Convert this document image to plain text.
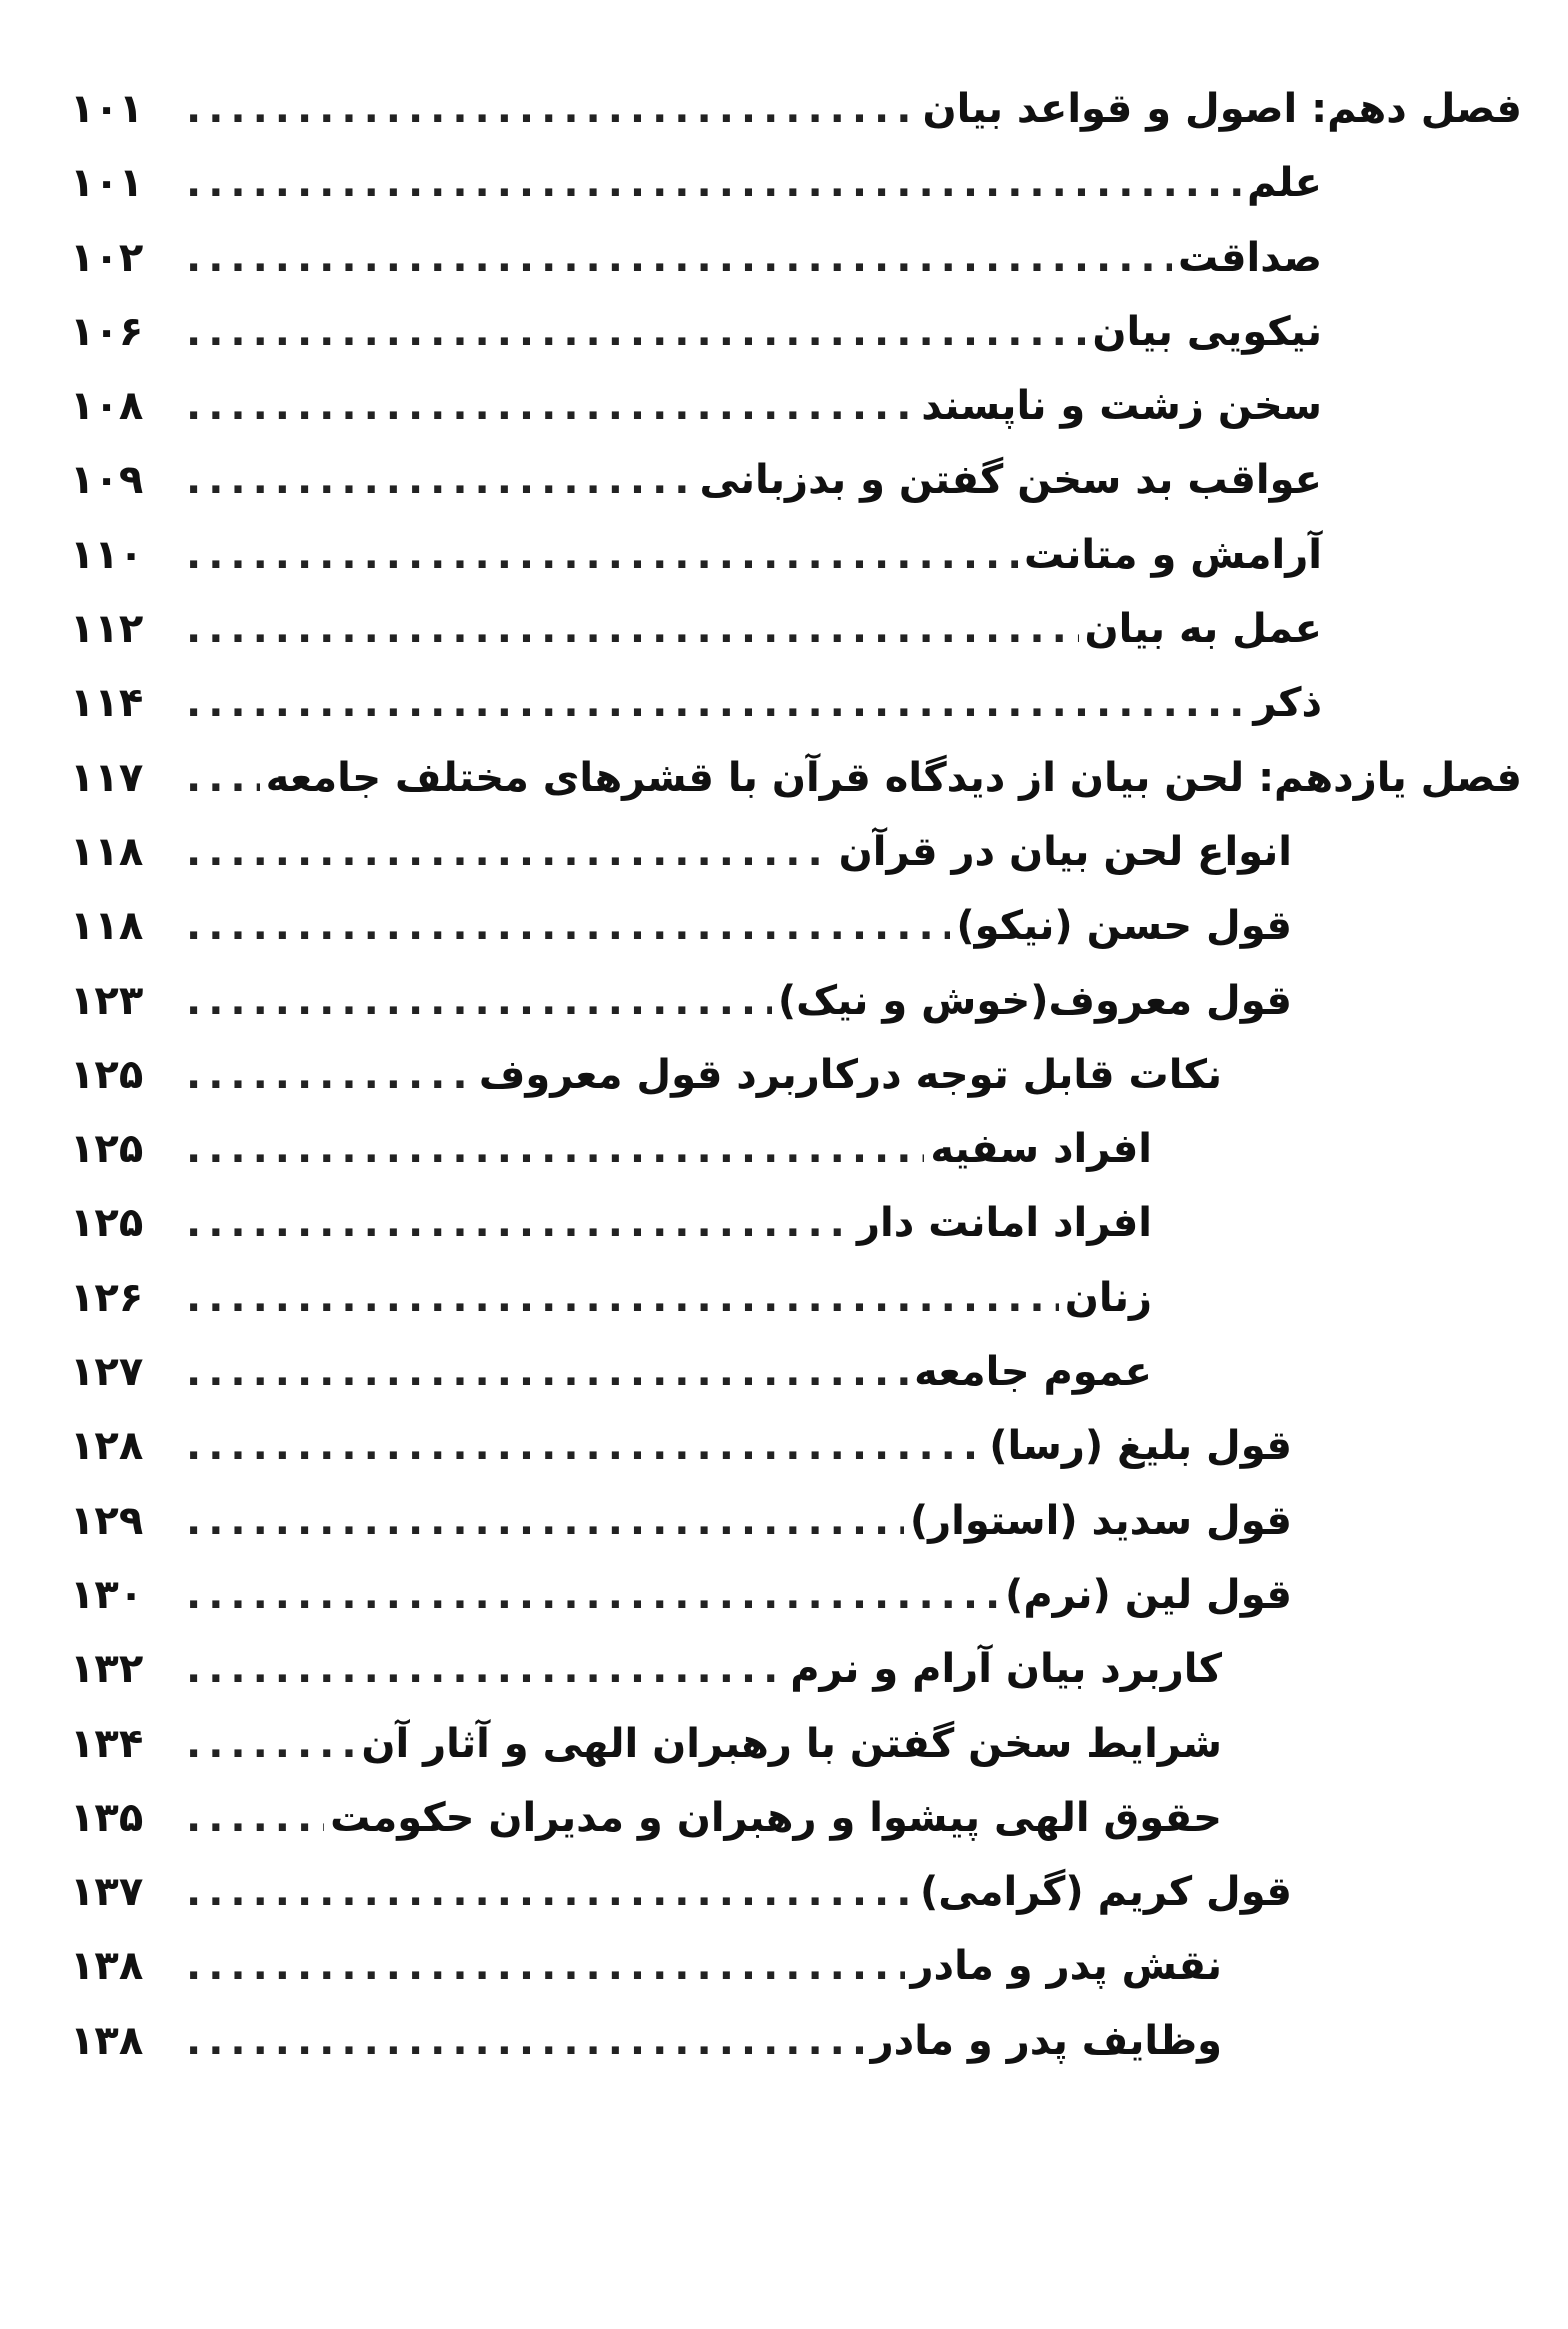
فصل دهم: اصول و قواعد بیان
.....
۱۰۱
علم
.....
۱۰۱
صداقت
.....
۱۰۲
نیکویی بیان
.....
۱۰۶
سخن زشت و ناپسند
.....
۱۰۸
عواقب بد سخن گفتن و بدزبانی
.....
۱۰۹
آرامش و متانت
.....
۱۱۰
عمل به بیان
.....
۱۱۲
ذکر
.....
۱۱۴
فصل یازدهم: لحن بیان از دیدگاه قرآن با قشرهای مختلف جامعه
.....
۱۱۷
انواع لحن بیان در قرآن
.....
۱۱۸
قول حسن (نیکو)
.....
۱۱۸
قول معروف(خوش و نیک)
.....
۱۲۳
نکات قابل توجه درکاربرد قول معروف
.....
۱۲۵
افراد سفیه
.....
۱۲۵
افراد امانت دار
.....
۱۲۵
زنان
.....
۱۲۶
عموم جامعه
.....
۱۲۷
قول بلیغ (رسا)
.....
۱۲۸
قول سدید (استوار)
.....
۱۲۹
قول لین (نرم)
.....
۱۳۰
کاربرد بیان آرام و نرم
.....
۱۳۲
شرایط سخن گفتن با رهبران الهی و آثار آن
.....
۱۳۴
حقوق الهی پیشوا و رهبران و مدیران حکومت
.....
۱۳۵
قول کریم (گرامی)
.....
۱۳۷
نقش پدر و مادر
.....
۱۳۸
وظایف پدر و مادر
.....
۱۳۸
